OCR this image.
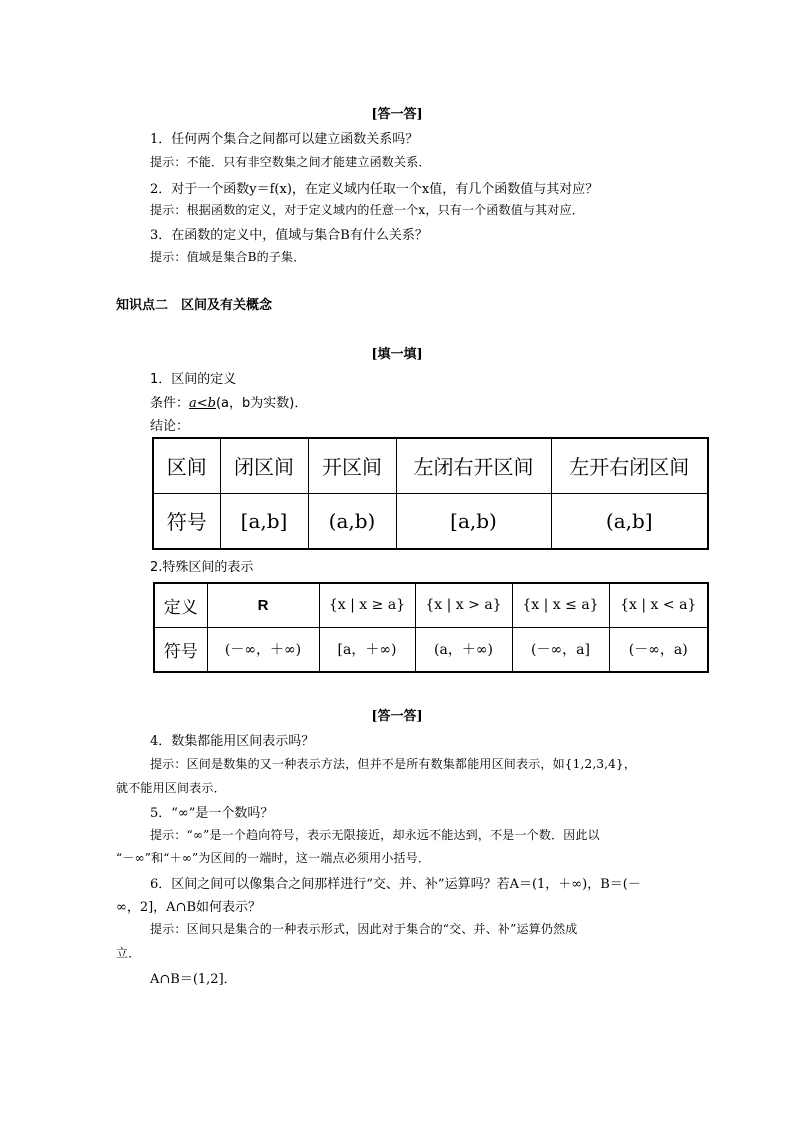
[答一答]
1．任何两个集合之间都可以建立函数关系吗？
提示：不能．只有非空数集之间才能建立函数关系．
2．对于一个函数y＝f(x)，在定义域内任取一个x值，有几个函数值与其对应？
提示：根据函数的定义，对于定义域内的任意一个x，只有一个函数值与其对应．
3．在函数的定义中，值域与集合B有什么关系？
提示：值域是集合B的子集．
知识点二　区间及有关概念
[填一填]
1．区间的定义
条件：a<b(a，b为实数)．
结论：
区间	闭区间	开区间	左闭右开区间	左开右闭区间
符号	[a,b]	(a,b)	[a,b)	(a,b]
2.特殊区间的表示
定义	R	{x | x ≥ a}	{x | x > a}	{x | x ≤ a}	{x | x < a}
符号	(－∞，＋∞)	[a，＋∞)	(a，＋∞)	(－∞，a]	(－∞，a)
[答一答]
4．数集都能用区间表示吗？
提示：区间是数集的又一种表示方法，但并不是所有数集都能用区间表示，如{1,2,3,4}，
就不能用区间表示．
5．“∞”是一个数吗？
提示：“∞”是一个趋向符号，表示无限接近，却永远不能达到，不是一个数．因此以
“－∞”和“＋∞”为区间的一端时，这一端点必须用小括号．
6．区间之间可以像集合之间那样进行“交、并、补”运算吗？若A＝(1，＋∞)，B＝(－
∞，2]，A∩B如何表示？
提示：区间只是集合的一种表示形式，因此对于集合的“交、并、补”运算仍然成
立．
A∩B＝(1,2]．
